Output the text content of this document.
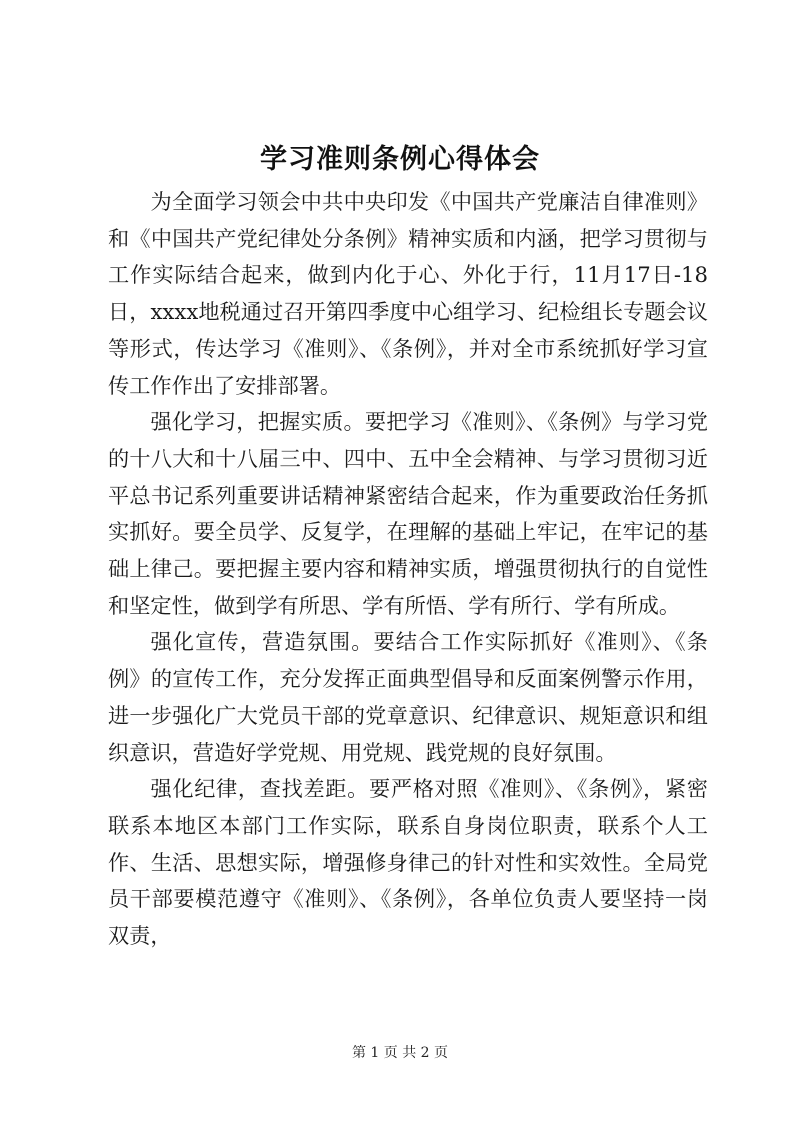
学习准则条例心得体会

为全面学习领会中共中央印发《中国共产党廉洁自律准则》和《中国共产党纪律处分条例》精神实质和内涵，把学习贯彻与工作实际结合起来，做到内化于心、外化于行，11月17日-18日，xxxx地税通过召开第四季度中心组学习、纪检组长专题会议等形式，传达学习《准则》、《条例》，并对全市系统抓好学习宣传工作作出了安排部署。

强化学习，把握实质。要把学习《准则》、《条例》与学习党的十八大和十八届三中、四中、五中全会精神、与学习贯彻习近平总书记系列重要讲话精神紧密结合起来，作为重要政治任务抓实抓好。要全员学、反复学，在理解的基础上牢记，在牢记的基础上律己。要把握主要内容和精神实质，增强贯彻执行的自觉性和坚定性，做到学有所思、学有所悟、学有所行、学有所成。

强化宣传，营造氛围。要结合工作实际抓好《准则》、《条例》的宣传工作，充分发挥正面典型倡导和反面案例警示作用，进一步强化广大党员干部的党章意识、纪律意识、规矩意识和组织意识，营造好学党规、用党规、践党规的良好氛围。

强化纪律，查找差距。要严格对照《准则》、《条例》，紧密联系本地区本部门工作实际，联系自身岗位职责，联系个人工作、生活、思想实际，增强修身律己的针对性和实效性。全局党员干部要模范遵守《准则》、《条例》，各单位负责人要坚持一岗双责，

第 1 页 共 2 页
